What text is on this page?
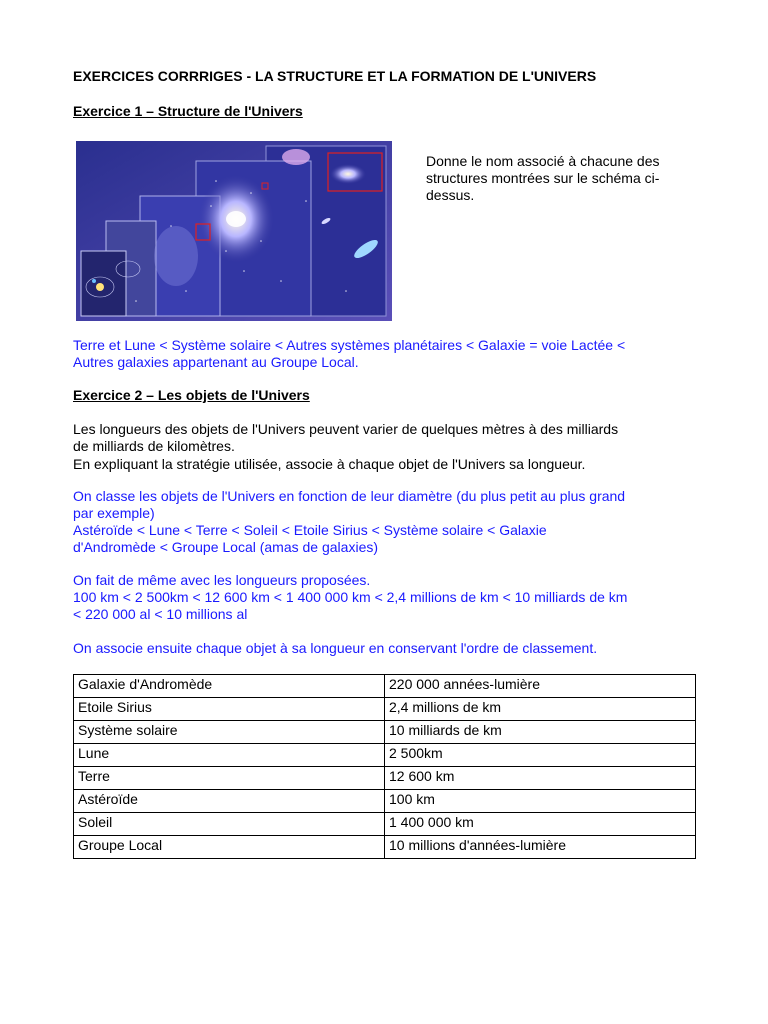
EXERCICES CORRRIGES - LA STRUCTURE ET LA FORMATION DE L'UNIVERS

Exercice 1 – Structure de l'Univers

Donne le nom associé à chacune des

structures montrées sur le schéma ci-

dessus.

Terre et Lune < Système solaire < Autres systèmes planétaires < Galaxie = voie Lactée <

Autres galaxies appartenant au Groupe Local.

Exercice 2 – Les objets de l'Univers

Les longueurs des objets de l'Univers peuvent varier de quelques mètres à des milliards

de milliards de kilomètres.

En expliquant la stratégie utilisée, associe à chaque objet de l'Univers sa longueur.

On classe les objets de l'Univers en fonction de leur diamètre (du plus petit au plus grand

par exemple)

Astéroïde < Lune < Terre < Soleil < Etoile Sirius < Système solaire < Galaxie

d'Andromède < Groupe Local (amas de galaxies)

On fait de même avec les longueurs proposées.

100 km < 2 500km < 12 600 km < 1 400 000 km < 2,4 millions de km < 10 milliards de km

< 220 000 al < 10 millions al

On associe ensuite chaque objet à sa longueur en conservant l'ordre de classement.

Galaxie d'Andromède	220 000 années-lumière
Etoile Sirius	2,4 millions de km
Système solaire	10 milliards de km
Lune	2 500km
Terre	12 600 km
Astéroïde	100 km
Soleil	1 400 000 km
Groupe Local	10 millions d'années-lumière
